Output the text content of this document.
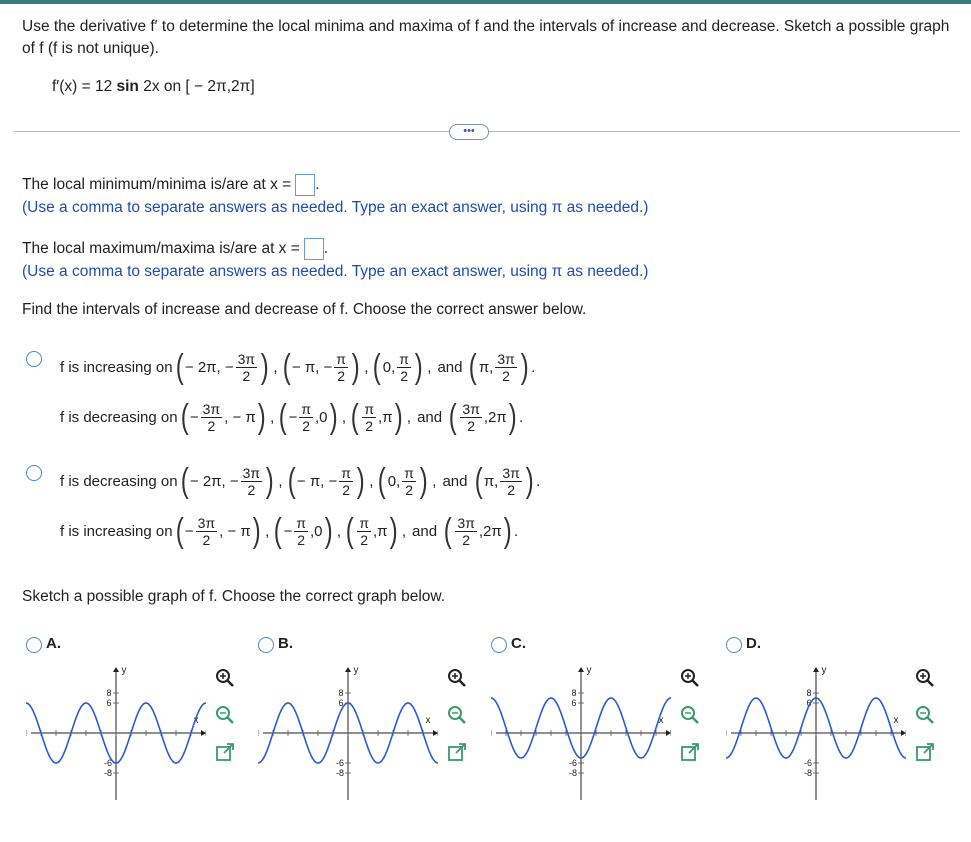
Use the derivative f′ to determine the local minima and maxima of f and the intervals of increase and decrease. Sketch a possible graph of f (f is not unique).
f′(x) = 12 sin 2x on [ − 2π,2π]
•••
The local minimum/minima is/are at x = .
(Use a comma to separate answers as needed. Type an exact answer, using π as needed.)
The local maximum/maxima is/are at x = .
(Use a comma to separate answers as needed. Type an exact answer, using π as needed.)
Find the intervals of increase and decrease of f. Choose the correct answer below.
f is increasing on ( − 2π, − $\frac{3\pi}{2}$ ) , ( − π, − $\frac{\pi}{2}$ ) , ( 0, $\frac{\pi}{2}$ ) , and ( π, $\frac{3\pi}{2}$ ) .
f is decreasing on ( − $\frac{3\pi}{2}$ , − π ) , ( − $\frac{\pi}{2} ,0$ ) , ( $\frac{\pi}{2} ,\pi$ ) , and ( $\frac{3\pi}{2} ,2\pi$ ) .
f is decreasing on ( − 2π, − $\frac{3\pi}{2}$ ) , ( − π, − $\frac{\pi}{2}$ ) , ( 0, $\frac{\pi}{2}$ ) , and ( π, $\frac{3\pi}{2}$ ) .
f is increasing on ( − $\frac{3\pi}{2}$ , − π ) , ( − $\frac{\pi}{2} ,0$ ) , ( $\frac{\pi}{2} ,\pi$ ) , and ( $\frac{3\pi}{2} ,2\pi$ ) .
Sketch a possible graph of f. Choose the correct graph below.
A.
y
x
8
6
-6
-8

B.
y
x
8
6
-6
-8

C.
y
x
8
6
-6
-8

D.
y
x
8
6
-6
-8
